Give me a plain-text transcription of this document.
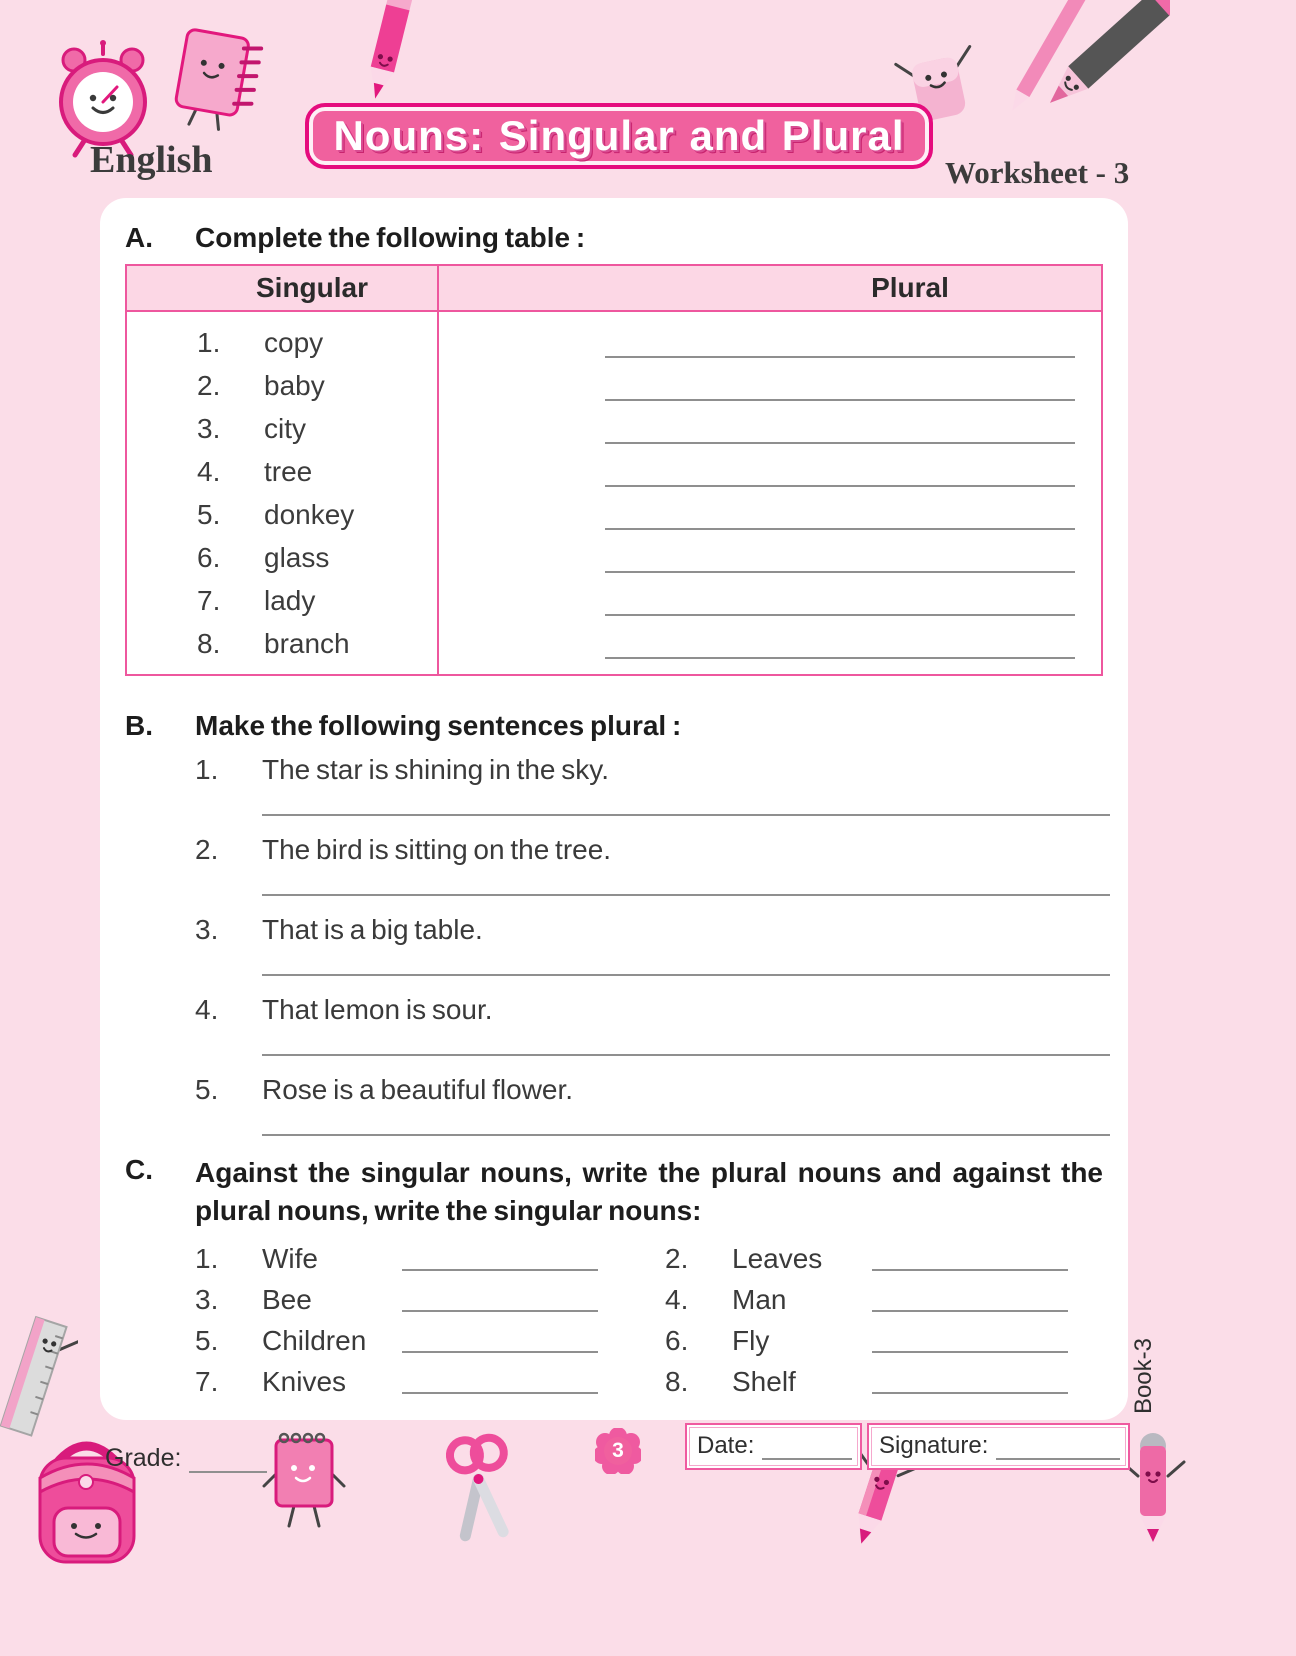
English
Nouns: Singular and Plural
Worksheet - 3
A.	Complete the following table :
Singular	Plural
1.	copy
2.	baby
3.	city
4.	tree
5.	donkey
6.	glass
7.	lady
8.	branch
B.	Make the following sentences plural :
1.	The star is shining in the sky.
2.	The bird is sitting on the tree.
3.	That is a big table.
4.	That lemon is sour.
5.	Rose is a beautiful flower.
C.	Against the singular nouns, write the plural nouns and against the plural nouns, write the singular nouns:
1.	Wife	2.	Leaves
3.	Bee	4.	Man
5.	Children	6.	Fly
7.	Knives	8.	Shelf
Grade:	3	Date:	Signature:
Book-3
